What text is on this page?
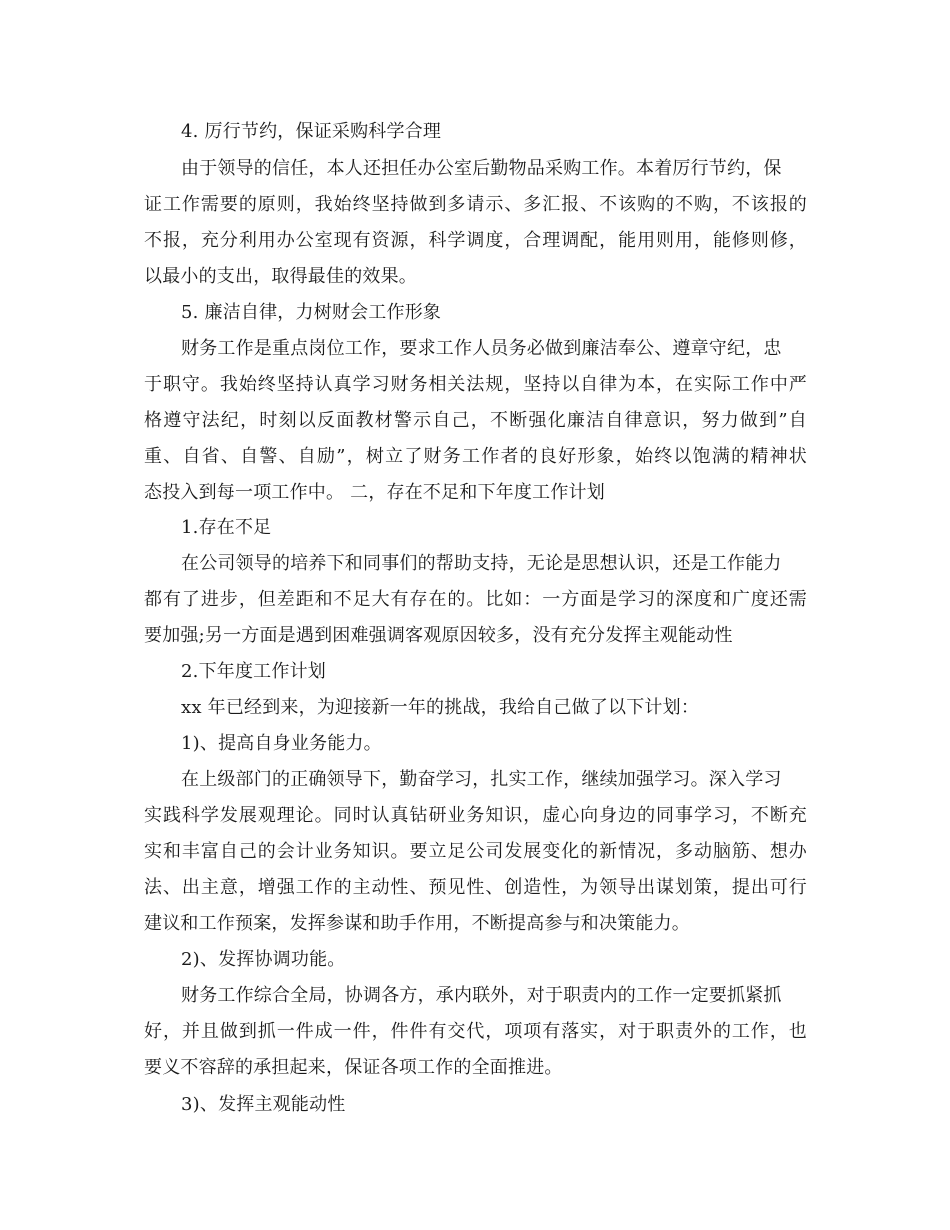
4. 厉行节约，保证采购科学合理
由于领导的信任，本人还担任办公室后勤物品采购工作。本着厉行节约，保
证工作需要的原则，我始终坚持做到多请示、多汇报、不该购的不购，不该报的
不报，充分利用办公室现有资源，科学调度，合理调配，能用则用，能修则修，
以最小的支出，取得最佳的效果。
5. 廉洁自律，力树财会工作形象
财务工作是重点岗位工作，要求工作人员务必做到廉洁奉公、遵章守纪，忠
于职守。我始终坚持认真学习财务相关法规，坚持以自律为本，在实际工作中严
格遵守法纪，时刻以反面教材警示自己，不断强化廉洁自律意识，努力做到”自
重、自省、自警、自励”，树立了财务工作者的良好形象，始终以饱满的精神状
态投入到每一项工作中。 二，存在不足和下年度工作计划
1.存在不足
在公司领导的培养下和同事们的帮助支持，无论是思想认识，还是工作能力
都有了进步，但差距和不足大有存在的。比如：一方面是学习的深度和广度还需
要加强;另一方面是遇到困难强调客观原因较多，没有充分发挥主观能动性
2.下年度工作计划
xx 年已经到来，为迎接新一年的挑战，我给自己做了以下计划：
1)、提高自身业务能力。
在上级部门的正确领导下，勤奋学习，扎实工作，继续加强学习。深入学习
实践科学发展观理论。同时认真钻研业务知识，虚心向身边的同事学习，不断充
实和丰富自己的会计业务知识。要立足公司发展变化的新情况，多动脑筋、想办
法、出主意，增强工作的主动性、预见性、创造性，为领导出谋划策，提出可行
建议和工作预案，发挥参谋和助手作用，不断提高参与和决策能力。
2)、发挥协调功能。
财务工作综合全局，协调各方，承内联外，对于职责内的工作一定要抓紧抓
好，并且做到抓一件成一件，件件有交代，项项有落实，对于职责外的工作，也
要义不容辞的承担起来，保证各项工作的全面推进。
3)、发挥主观能动性
